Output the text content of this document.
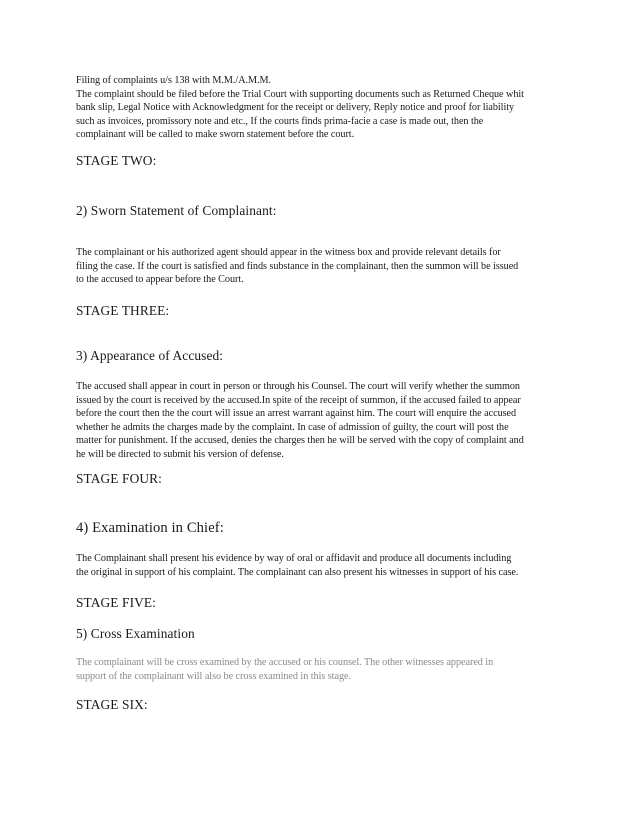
Filing of complaints u/s 138 with M.M./A.M.M.

The complaint should be filed before the Trial Court with supporting documents such as Returned Cheque whit

bank slip, Legal Notice with Acknowledgment for the receipt or delivery, Reply notice and proof for liability

such as invoices, promissory note and etc., If the courts finds prima-facie a case is made out, then the

complainant will be called to make sworn statement before the court.

STAGE TWO:
2) Sworn Statement of Complainant:

The complainant or his authorized agent should appear in the witness box and provide relevant details for

filing the case. If the court is satisfied and finds substance in the complainant, then the summon will be issued

to the accused to appear before the Court.

STAGE THREE:
3) Appearance of Accused:

The accused shall appear in court in person or through his Counsel. The court will verify whether the summon

issued by the court is received by the accused.In spite of the receipt of summon, if the accused failed to appear

before the court then the the court will issue an arrest warrant against him. The court will enquire the accused

whether he admits the charges made by the complaint. In case of admission of guilty, the court will post the

matter for punishment. If the accused, denies the charges then he will be served with the copy of complaint and

he will be directed to submit his version of defense.

STAGE FOUR:
4) Examination in Chief:

The Complainant shall present his evidence by way of oral or affidavit and produce all documents including

the original in support of his complaint. The complainant can also present his witnesses in support of his case.

STAGE FIVE:
5) Cross Examination

The complainant will be cross examined by the accused or his counsel. The other witnesses appeared in

support of the complainant will also be cross examined in this stage.

STAGE SIX:
